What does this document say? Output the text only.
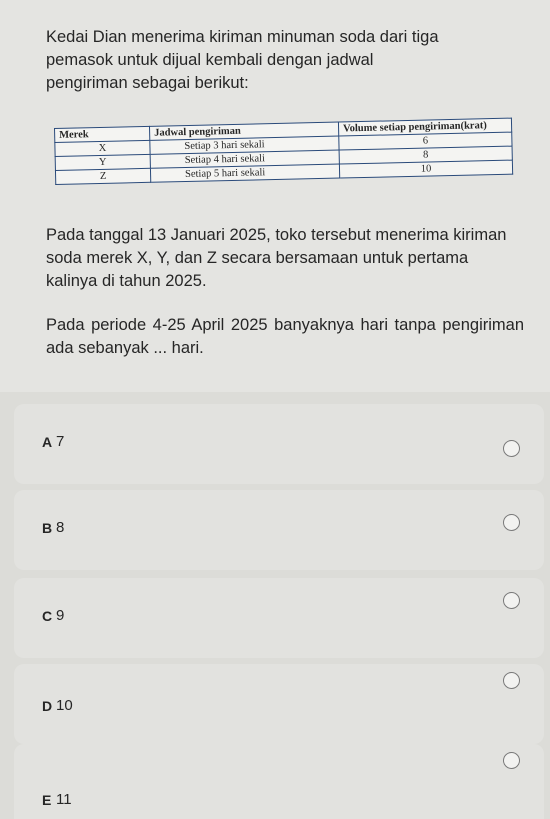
Kedai Dian menerima kiriman minuman soda dari tiga
pemasok untuk dijual kembali dengan jadwal
pengiriman sebagai berikut:

Merek	Jadwal pengiriman	Volume setiap pengiriman(krat)
X	Setiap 3 hari sekali	6
Y	Setiap 4 hari sekali	8
Z	Setiap 5 hari sekali	10

Pada tanggal 13 Januari 2025, toko tersebut menerima kiriman soda merek X, Y, dan Z secara bersamaan untuk pertama kalinya di tahun 2025.

Pada periode 4-25 April 2025 banyaknya hari tanpa pengiriman ada sebanyak ... hari.

A 7
B 8
C 9
D 10
E 11
